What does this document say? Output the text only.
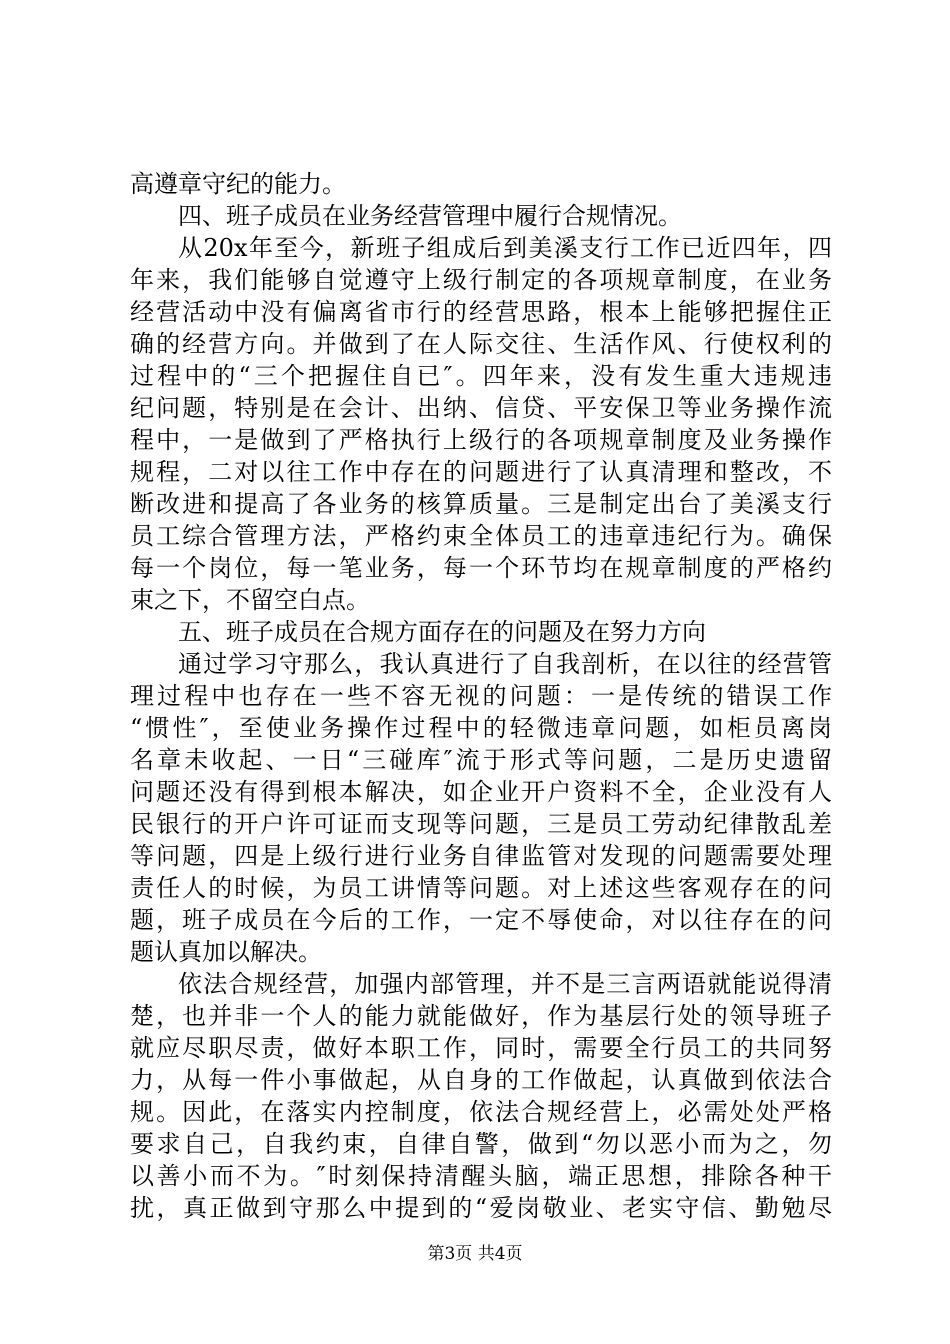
高遵章守纪的能力。
四、班子成员在业务经营管理中履行合规情况。
从20x年至今，新班子组成后到美溪支行工作已近四年，四
年来，我们能够自觉遵守上级行制定的各项规章制度，在业务
经营活动中没有偏离省市行的经营思路，根本上能够把握住正
确的经营方向。并做到了在人际交往、生活作风、行使权利的
过程中的“三个把握住自已″。四年来，没有发生重大违规违
纪问题，特别是在会计、出纳、信贷、平安保卫等业务操作流
程中，一是做到了严格执行上级行的各项规章制度及业务操作
规程，二对以往工作中存在的问题进行了认真清理和整改，不
断改进和提高了各业务的核算质量。三是制定出台了美溪支行
员工综合管理方法，严格约束全体员工的违章违纪行为。确保
每一个岗位，每一笔业务，每一个环节均在规章制度的严格约
束之下，不留空白点。
五、班子成员在合规方面存在的问题及在努力方向
通过学习守那么，我认真进行了自我剖析，在以往的经营管
理过程中也存在一些不容无视的问题：一是传统的错误工作
“惯性″，至使业务操作过程中的轻微违章问题，如柜员离岗
名章未收起、一日“三碰库″流于形式等问题，二是历史遗留
问题还没有得到根本解决，如企业开户资料不全，企业没有人
民银行的开户许可证而支现等问题，三是员工劳动纪律散乱差
等问题，四是上级行进行业务自律监管对发现的问题需要处理
责任人的时候，为员工讲情等问题。对上述这些客观存在的问
题，班子成员在今后的工作，一定不辱使命，对以往存在的问
题认真加以解决。
依法合规经营，加强内部管理，并不是三言两语就能说得清
楚，也并非一个人的能力就能做好，作为基层行处的领导班子
就应尽职尽责，做好本职工作，同时，需要全行员工的共同努
力，从每一件小事做起，从自身的工作做起，认真做到依法合
规。因此，在落实内控制度，依法合规经营上，必需处处严格
要求自己，自我约束，自律自警，做到“勿以恶小而为之，勿
以善小而不为。″时刻保持清醒头脑，端正思想，排除各种干
扰，真正做到守那么中提到的“爱岗敬业、老实守信、勤勉尽
第3页 共4页
